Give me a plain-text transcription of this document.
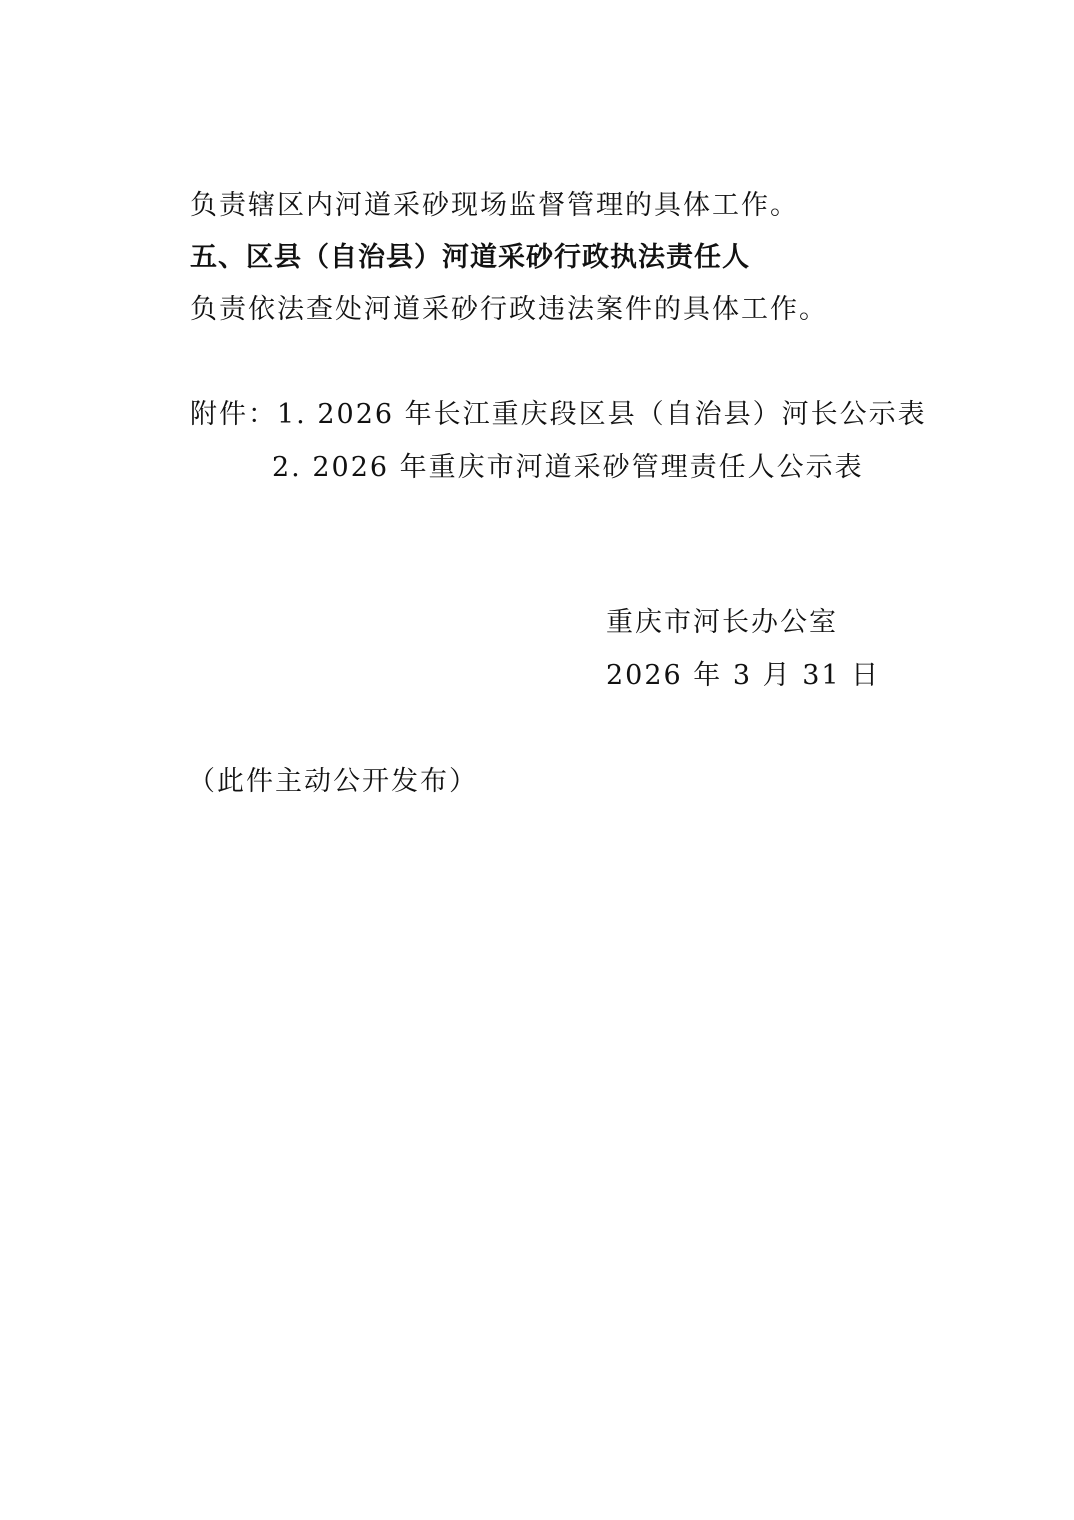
负责辖区内河道采砂现场监督管理的具体工作。
五、区县（自治县）河道采砂行政执法责任人
负责依法查处河道采砂行政违法案件的具体工作。
附件：1. 2026 年长江重庆段区县（自治县）河长公示表
2. 2026 年重庆市河道采砂管理责任人公示表
重庆市河长办公室
2026 年 3 月 31 日
（此件主动公开发布）
